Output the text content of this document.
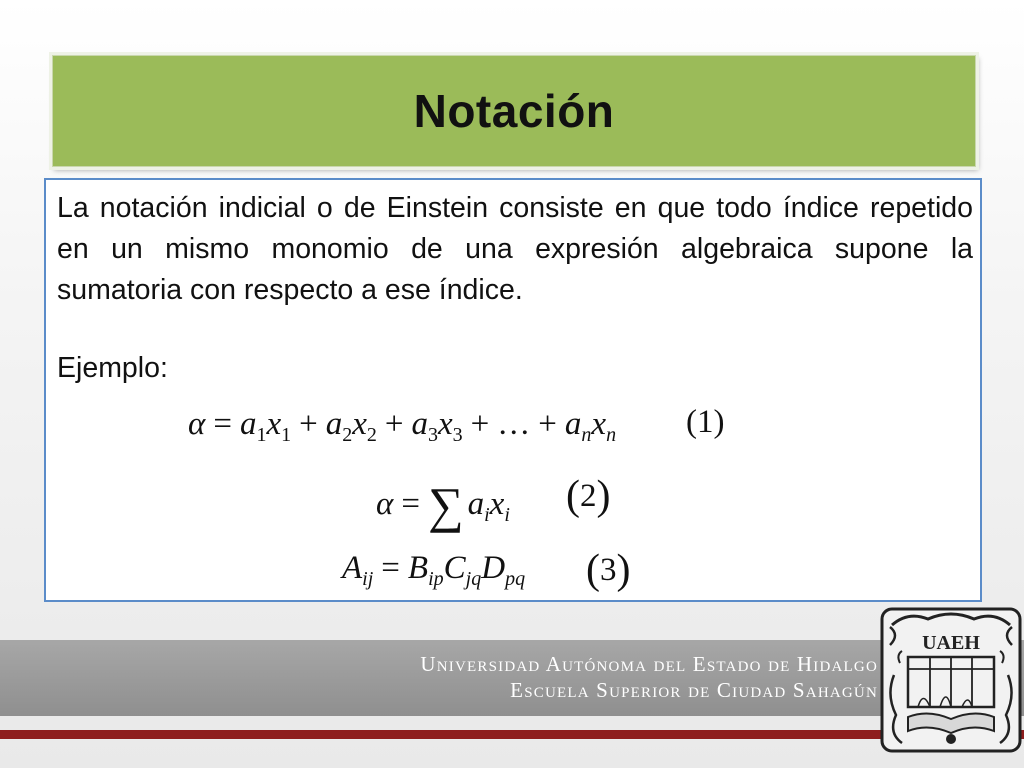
Notación

La notación indicial o de Einstein consiste en que todo índice repetido en un mismo monomio de una expresión algebraica supone la sumatoria con respecto a ese índice.

Ejemplo:

$\alpha = a_1x_1 + a_2x_2 + a_3x_3$ + … + $a_nx_n$ (1)
α = ∑ $a_ix_i$ (2)
$A_{ij} = B_{ip}C_{jq}D_{pq}$ (3)
Universidad Autónoma del Estado de Hidalgo
Escuela Superior de Ciudad Sahagún
UAEH
